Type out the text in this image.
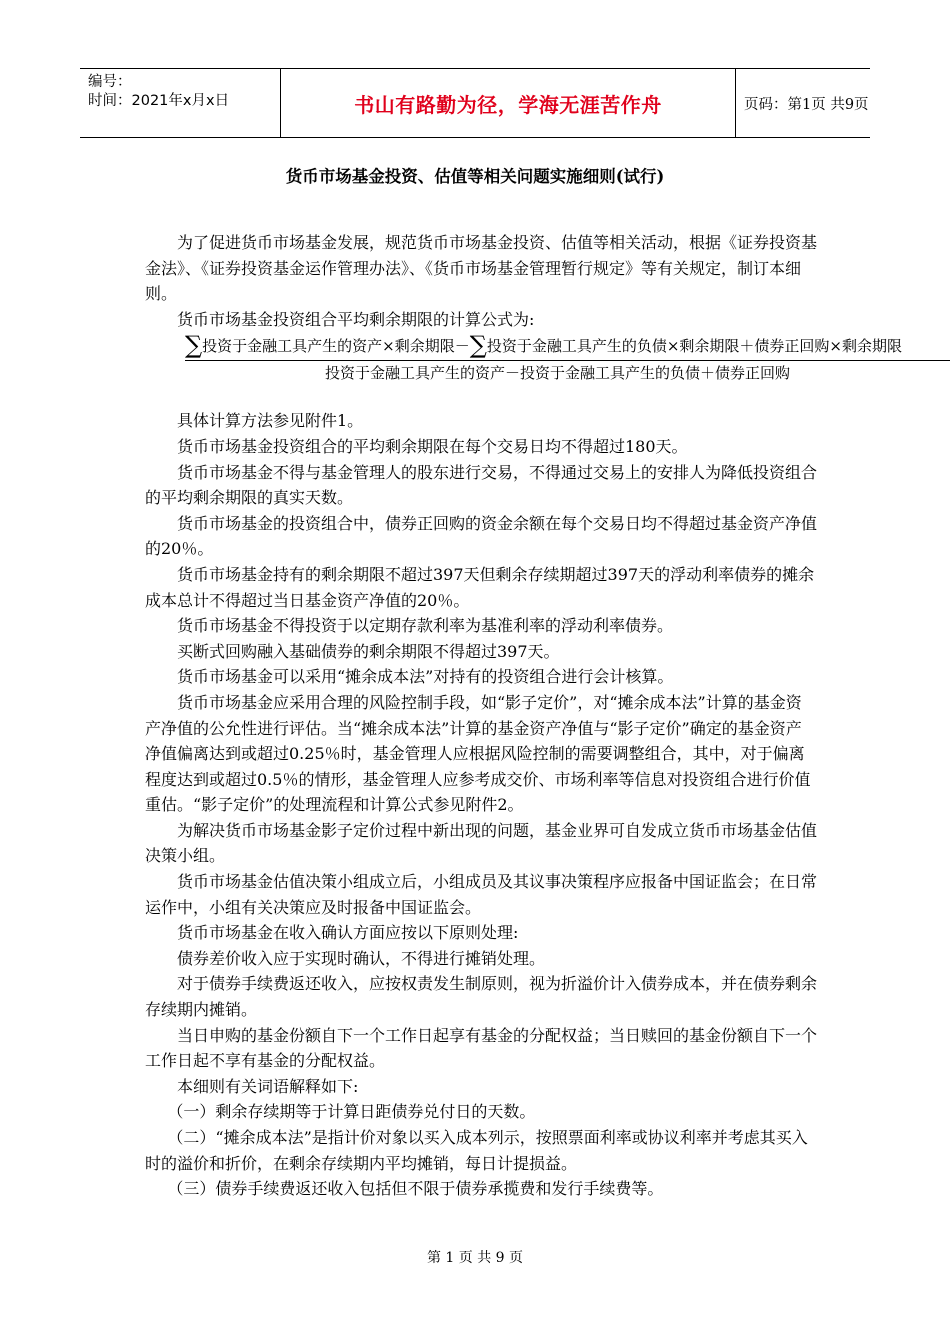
编号：
时间：2021年x月x日	书山有路勤为径，学海无涯苦作舟	页码：第1页 共9页
货币市场基金投资、估值等相关问题实施细则(试行)

为了促进货币市场基金发展，规范货币市场基金投资、估值等相关活动，根据《证券投资基金法》、《证券投资基金运作管理办法》、《货币市场基金管理暂行规定》等有关规定，制订本细则。

货币市场基金投资组合平均剩余期限的计算公式为:

∑投资于金融工具产生的资产×剩余期限－∑投资于金融工具产生的负债×剩余期限＋债券正回购×剩余期限
投资于金融工具产生的资产－投资于金融工具产生的负债＋债券正回购

具体计算方法参见附件1。

货币市场基金投资组合的平均剩余期限在每个交易日均不得超过180天。

货币市场基金不得与基金管理人的股东进行交易，不得通过交易上的安排人为降低投资组合的平均剩余期限的真实天数。

货币市场基金的投资组合中，债券正回购的资金余额在每个交易日均不得超过基金资产净值的20％。

货币市场基金持有的剩余期限不超过397天但剩余存续期超过397天的浮动利率债券的摊余成本总计不得超过当日基金资产净值的20％。

货币市场基金不得投资于以定期存款利率为基准利率的浮动利率债券。

买断式回购融入基础债券的剩余期限不得超过397天。

货币市场基金可以采用“摊余成本法”对持有的投资组合进行会计核算。

货币市场基金应采用合理的风险控制手段，如“影子定价”，对“摊余成本法”计算的基金资产净值的公允性进行评估。当“摊余成本法”计算的基金资产净值与“影子定价”确定的基金资产净值偏离达到或超过0.25％时，基金管理人应根据风险控制的需要调整组合，其中，对于偏离程度达到或超过0.5％的情形，基金管理人应参考成交价、市场利率等信息对投资组合进行价值重估。“影子定价”的处理流程和计算公式参见附件2。

为解决货币市场基金影子定价过程中新出现的问题，基金业界可自发成立货币市场基金估值决策小组。

货币市场基金估值决策小组成立后，小组成员及其议事决策程序应报备中国证监会；在日常运作中，小组有关决策应及时报备中国证监会。

货币市场基金在收入确认方面应按以下原则处理:

债券差价收入应于实现时确认，不得进行摊销处理。

对于债券手续费返还收入，应按权责发生制原则，视为折溢价计入债券成本，并在债券剩余存续期内摊销。

当日申购的基金份额自下一个工作日起享有基金的分配权益；当日赎回的基金份额自下一个工作日起不享有基金的分配权益。

本细则有关词语解释如下:

（一）剩余存续期等于计算日距债券兑付日的天数。

（二）“摊余成本法”是指计价对象以买入成本列示，按照票面利率或协议利率并考虑其买入时的溢价和折价，在剩余存续期内平均摊销，每日计提损益。

（三）债券手续费返还收入包括但不限于债券承揽费和发行手续费等。

第 1 页 共 9 页
